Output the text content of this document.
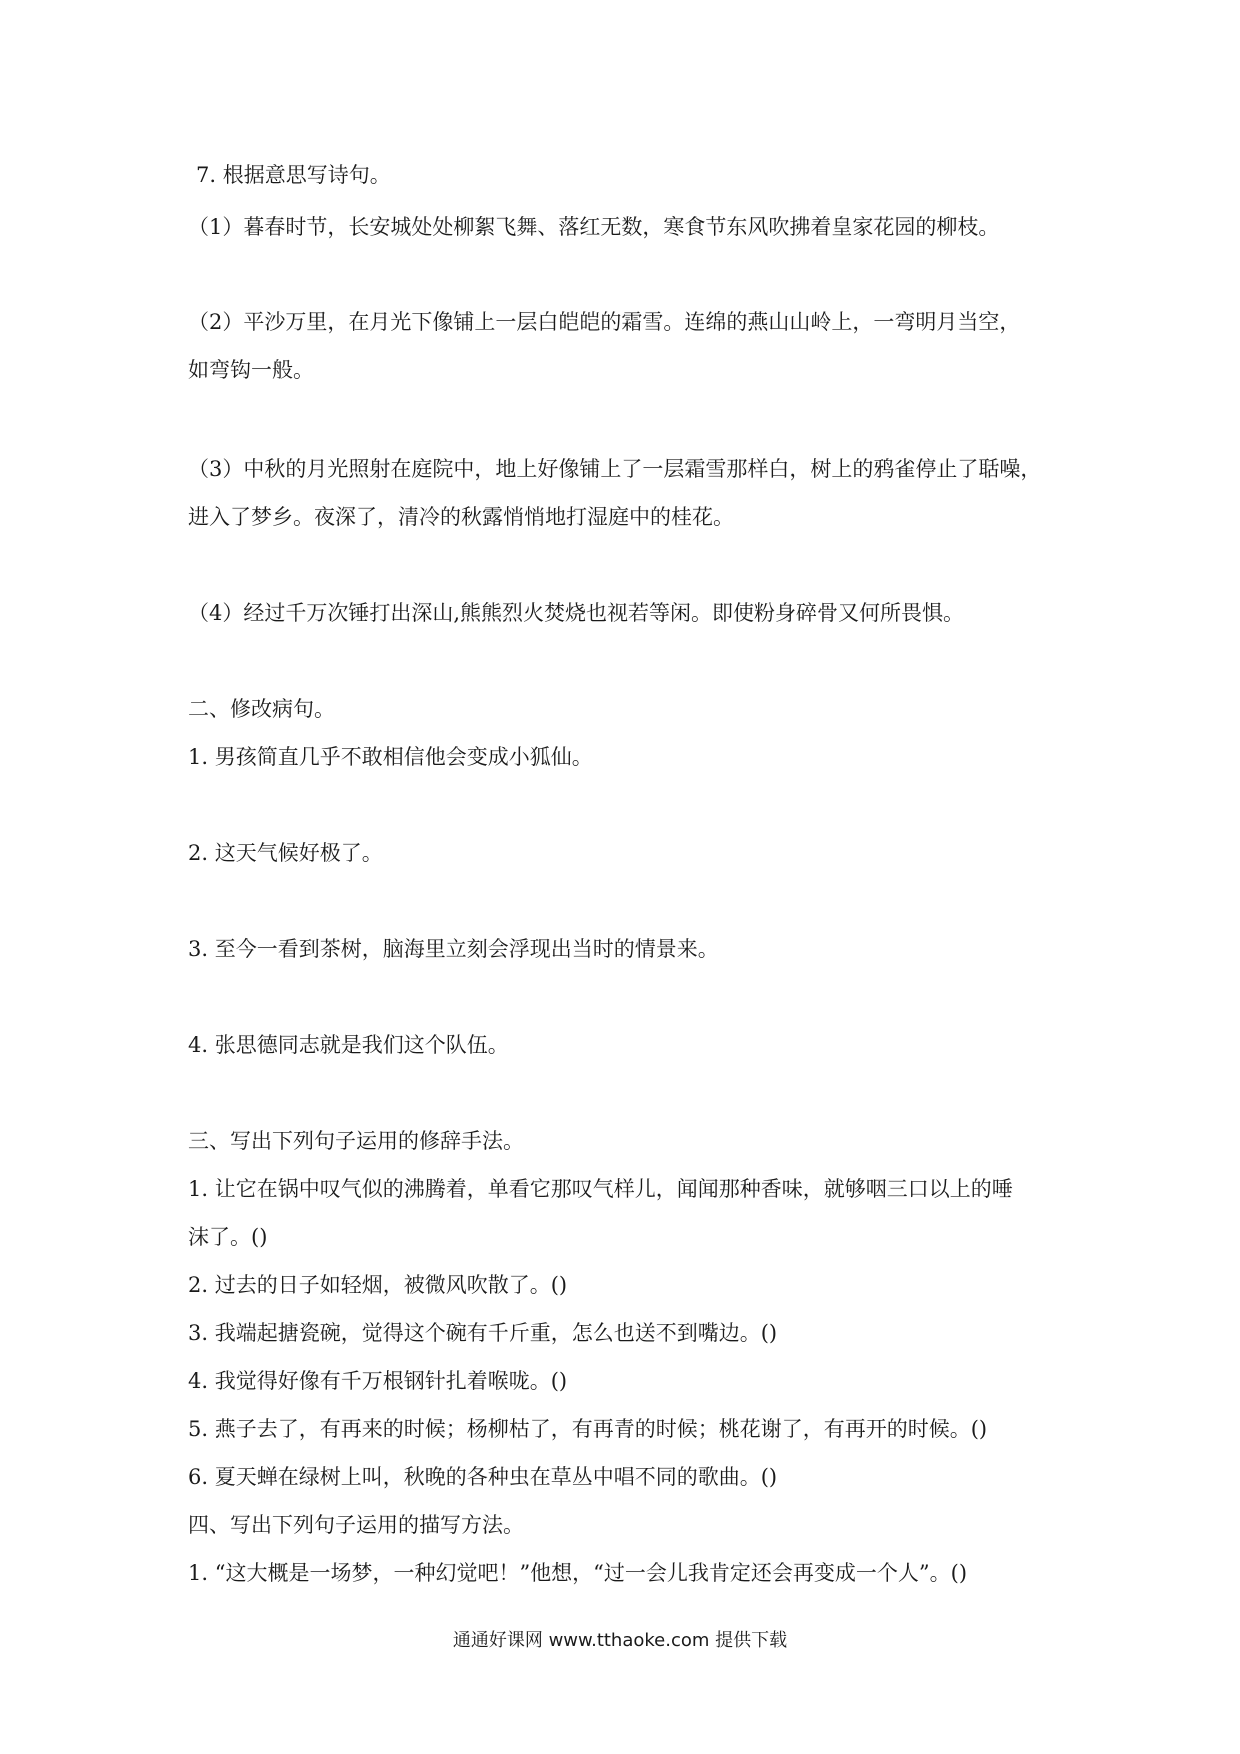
7. 根据意思写诗句。
（1）暮春时节，长安城处处柳絮飞舞、落红无数，寒食节东风吹拂着皇家花园的柳枝。
（2）平沙万里，在月光下像铺上一层白皑皑的霜雪。连绵的燕山山岭上，一弯明月当空，
如弯钩一般。
（3）中秋的月光照射在庭院中，地上好像铺上了一层霜雪那样白，树上的鸦雀停止了聒噪，
进入了梦乡。夜深了，清冷的秋露悄悄地打湿庭中的桂花。
（4）经过千万次锤打出深山,熊熊烈火焚烧也视若等闲。即使粉身碎骨又何所畏惧。
二、修改病句。
1. 男孩简直几乎不敢相信他会变成小狐仙。
2. 这天气候好极了。
3. 至今一看到茶树，脑海里立刻会浮现出当时的情景来。
4. 张思德同志就是我们这个队伍。
三、写出下列句子运用的修辞手法。
1. 让它在锅中叹气似的沸腾着，单看它那叹气样儿，闻闻那种香味，就够咽三口以上的唾
沫了。()
2. 过去的日子如轻烟，被微风吹散了。()
3. 我端起搪瓷碗，觉得这个碗有千斤重，怎么也送不到嘴边。()
4. 我觉得好像有千万根钢针扎着喉咙。()
5. 燕子去了，有再来的时候；杨柳枯了，有再青的时候；桃花谢了，有再开的时候。()
6. 夏天蝉在绿树上叫，秋晚的各种虫在草丛中唱不同的歌曲。()
四、写出下列句子运用的描写方法。
1. “这大概是一场梦，一种幻觉吧！”他想，“过一会儿我肯定还会再变成一个人”。()
通通好课网 www.tthaoke.com 提供下载
